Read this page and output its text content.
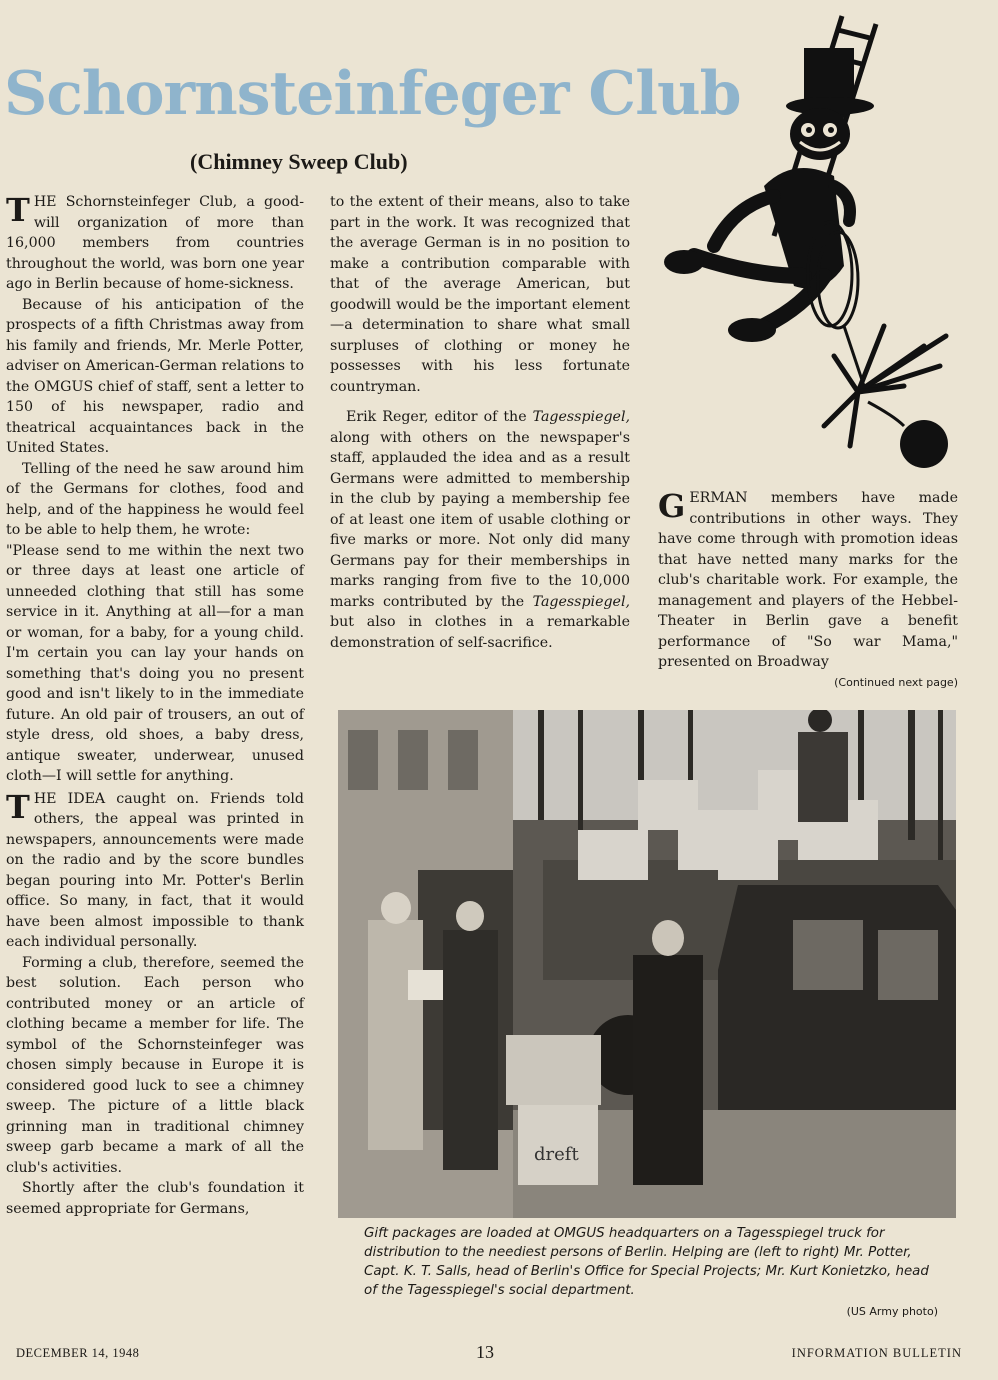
Schornsteinfeger Club
(Chimney Sweep Club)

THE Schornsteinfeger Club, a good-will organization of more than 16,000 members from countries throughout the world, was born one year ago in Berlin because of home-sickness.

Because of his anticipation of the prospects of a fifth Christmas away from his family and friends, Mr. Merle Potter, adviser on American-German relations to the OMGUS chief of staff, sent a letter to 150 of his newspaper, radio and theatrical acquaintances back in the United States.

Telling of the need he saw around him of the Germans for clothes, food and help, and of the happiness he would feel to be able to help them, he wrote:

"Please send to me within the next two or three days at least one article of unneeded clothing that still has some service in it. Anything at all—for a man or woman, for a baby, for a young child. I'm certain you can lay your hands on something that's doing you no present good and isn't likely to in the immediate future. An old pair of trousers, an out of style dress, old shoes, a baby dress, antique sweater, underwear, unused cloth—I will settle for anything.

THE IDEA caught on. Friends told others, the appeal was printed in newspapers, announcements were made on the radio and by the score bundles began pouring into Mr. Potter's Berlin office. So many, in fact, that it would have been almost impossible to thank each individual personally.

Forming a club, therefore, seemed the best solution. Each person who contributed money or an article of clothing became a member for life. The symbol of the Schornsteinfeger was chosen simply because in Europe it is considered good luck to see a chimney sweep. The picture of a little black grinning man in traditional chimney sweep garb became a mark of all the club's activities.

Shortly after the club's foundation it seemed appropriate for Germans,

to the extent of their means, also to take part in the work. It was recognized that the average German is in no position to make a contribution comparable with that of the average American, but goodwill would be the important element—a determination to share what small surpluses of clothing or money he possesses with his less fortunate countryman.

Erik Reger, editor of the Tagesspiegel, along with others on the newspaper's staff, applauded the idea and as a result Germans were admitted to membership in the club by paying a membership fee of at least one item of usable clothing or five marks or more. Not only did many Germans pay for their memberships in marks ranging from five to the 10,000 marks contributed by the Tagesspiegel, but also in clothes in a remarkable demonstration of self-sacrifice.

GERMAN members have made contributions in other ways. They have come through with promotion ideas that have netted many marks for the club's charitable work. For example, the management and players of the Hebbel-Theater in Berlin gave a benefit performance of "So war Mama," presented on Broadway

(Continued next page)
dreft
Gift packages are loaded at OMGUS headquarters on a Tagesspiegel truck for distribution to the neediest persons of Berlin. Helping are (left to right) Mr. Potter, Capt. K. T. Salls, head of Berlin's Office for Special Projects; Mr. Kurt Konietzko, head of the Tagesspiegel's social department.
(US Army photo)
DECEMBER 14, 1948	13	INFORMATION BULLETIN
